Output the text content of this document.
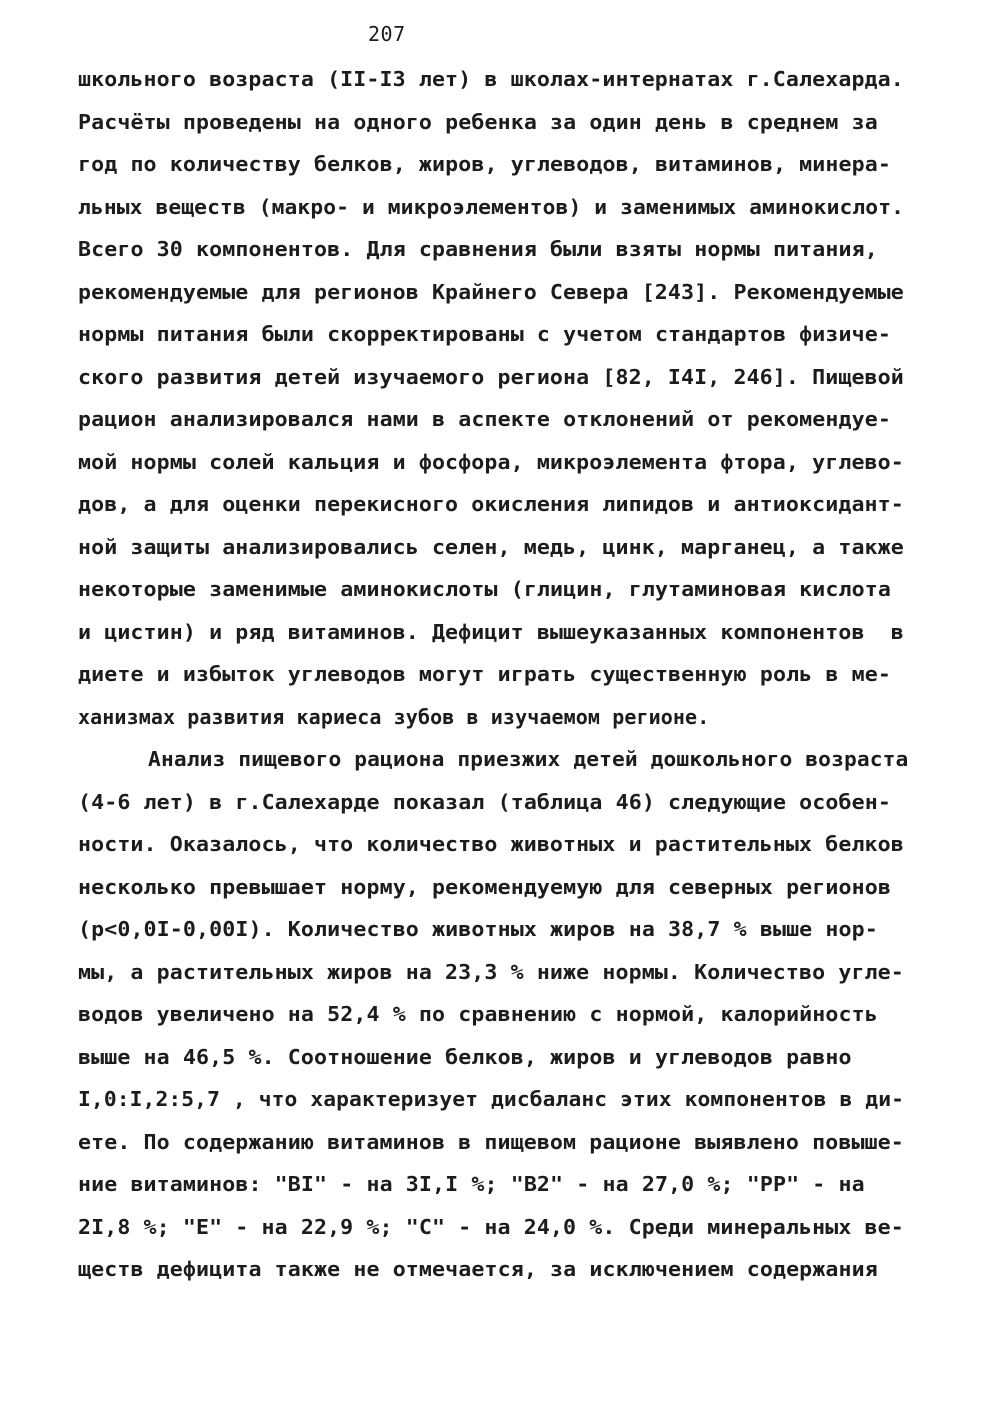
207
школьного возраста (II-I3 лет) в школах-интернатах г.Салехарда.
Расчёты проведены на одного ребенка за один день в среднем за
год по количеству белков, жиров, углеводов, витаминов, минера-
льных веществ (макро- и микроэлементов) и заменимых аминокислот.
Всего 30 компонентов. Для сравнения были взяты нормы питания,
рекомендуемые для регионов Крайнего Севера [243]. Рекомендуемые
нормы питания были скорректированы с учетом стандартов физиче-
ского развития детей изучаемого региона [82, I4I, 246]. Пищевой
рацион анализировался нами в аспекте отклонений от рекомендуе-
мой нормы солей кальция и фосфора, микроэлемента фтора, углево-
дов, а для оценки перекисного окисления липидов и антиоксидант-
ной защиты анализировались селен, медь, цинк, марганец, а также
некоторые заменимые аминокислоты (глицин, глутаминовая кислота
и цистин) и ряд витаминов. Дефицит вышеуказанных компонентов  в
диете и избыток углеводов могут играть существенную роль в ме-
ханизмах развития кариеса зубов в изучаемом регионе.
Анализ пищевого рациона приезжих детей дошкольного возраста
(4-6 лет) в г.Салехарде показал (таблица 46) следующие особен-
ности. Оказалось, что количество животных и растительных белков
несколько превышает норму, рекомендуемую для северных регионов
(р<0,0I-0,00I). Количество животных жиров на 38,7 % выше нор-
мы, а растительных жиров на 23,3 % ниже нормы. Количество угле-
водов увеличено на 52,4 % по сравнению с нормой, калорийность
выше на 46,5 %. Соотношение белков, жиров и углеводов равно
I,0:I,2:5,7 , что характеризует дисбаланс этих компонентов в ди-
ете. По содержанию витаминов в пищевом рационе выявлено повыше-
ние витаминов: "BI" - на 3I,I %; "B2" - на 27,0 %; "PP" - на
2I,8 %; "E" - на 22,9 %; "C" - на 24,0 %. Среди минеральных ве-
ществ дефицита также не отмечается, за исключением содержания
